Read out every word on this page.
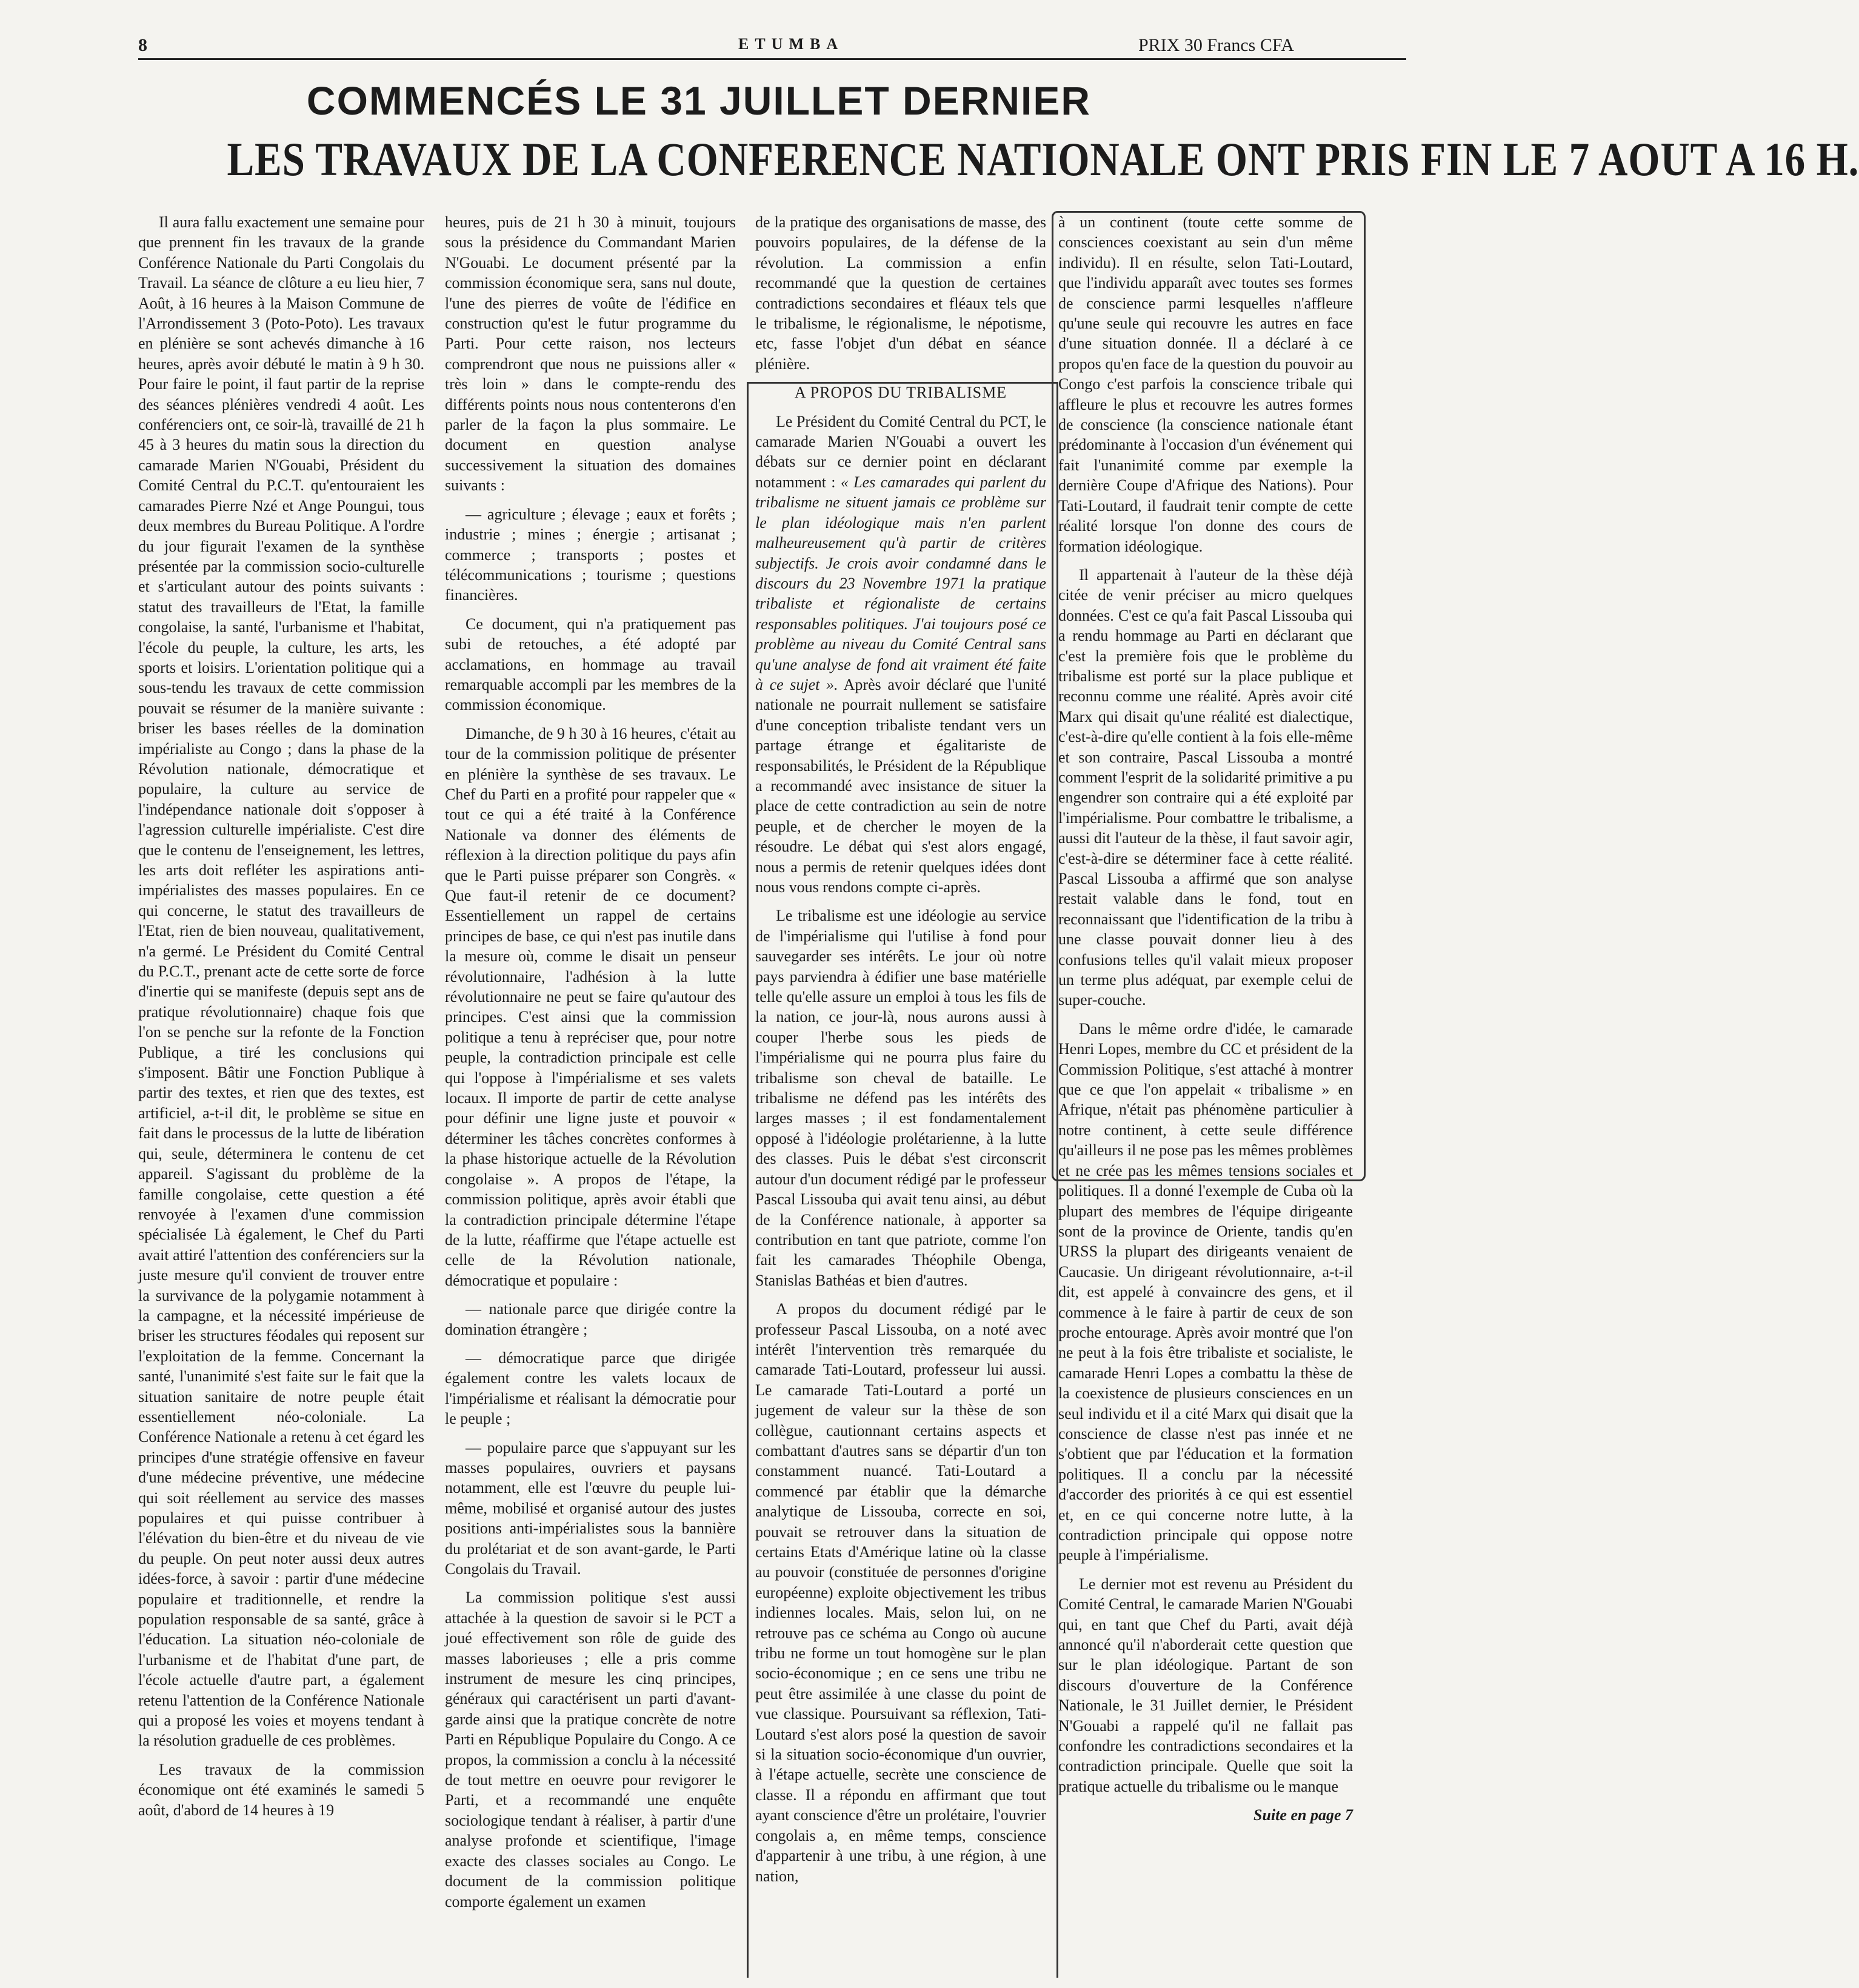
8	ETUMBA	PRIX 30 Francs CFA
COMMENCÉS LE 31 JUILLET DERNIER
LES TRAVAUX DE LA CONFERENCE NATIONALE ONT PRIS FIN LE 7 AOUT A 16 H.

Il aura fallu exactement une semaine pour que prennent fin les travaux de la grande Conférence Nationale du Parti Congolais du Travail. La séance de clôture a eu lieu hier, 7 Août, à 16 heures à la Maison Commune de l'Arrondissement 3 (Poto-Poto). Les travaux en plénière se sont achevés dimanche à 16 heures, après avoir débuté le matin à 9 h 30. Pour faire le point, il faut partir de la reprise des séances plénières vendredi 4 août. Les conférenciers ont, ce soir-là, travaillé de 21 h 45 à 3 heures du matin sous la direction du camarade Marien N'Gouabi, Président du Comité Central du P.C.T. qu'entouraient les camarades Pierre Nzé et Ange Poungui, tous deux membres du Bureau Politique. A l'ordre du jour figurait l'examen de la synthèse présentée par la commission socio-culturelle et s'articulant autour des points suivants : statut des travailleurs de l'Etat, la famille congolaise, la santé, l'urbanisme et l'habitat, l'école du peuple, la culture, les arts, les sports et loisirs. L'orientation politique qui a sous-tendu les travaux de cette commission pouvait se résumer de la manière suivante : briser les bases réelles de la domination impérialiste au Congo ; dans la phase de la Révolution nationale, démocratique et populaire, la culture au service de l'indépendance nationale doit s'opposer à l'agression culturelle impérialiste. C'est dire que le contenu de l'enseignement, les lettres, les arts doit refléter les aspirations anti-impérialistes des masses populaires. En ce qui concerne, le statut des travailleurs de l'Etat, rien de bien nouveau, qualitativement, n'a germé. Le Président du Comité Central du P.C.T., prenant acte de cette sorte de force d'inertie qui se manifeste (depuis sept ans de pratique révolutionnaire) chaque fois que l'on se penche sur la refonte de la Fonction Publique, a tiré les conclusions qui s'imposent. Bâtir une Fonction Publique à partir des textes, et rien que des textes, est artificiel, a-t-il dit, le problème se situe en fait dans le processus de la lutte de libération qui, seule, déterminera le contenu de cet appareil. S'agissant du problème de la famille congolaise, cette question a été renvoyée à l'examen d'une commission spécialisée Là également, le Chef du Parti avait attiré l'attention des conférenciers sur la juste mesure qu'il convient de trouver entre la survivance de la polygamie notamment à la campagne, et la nécessité impérieuse de briser les structures féodales qui reposent sur l'exploitation de la femme. Concernant la santé, l'unanimité s'est faite sur le fait que la situation sanitaire de notre peuple était essentiellement néo-coloniale. La Conférence Nationale a retenu à cet égard les principes d'une stratégie offensive en faveur d'une médecine préventive, une médecine qui soit réellement au service des masses populaires et qui puisse contribuer à l'élévation du bien-être et du niveau de vie du peuple. On peut noter aussi deux autres idées-force, à savoir : partir d'une médecine populaire et traditionnelle, et rendre la population responsable de sa santé, grâce à l'éducation. La situation néo-coloniale de l'urbanisme et de l'habitat d'une part, de l'école actuelle d'autre part, a également retenu l'attention de la Conférence Nationale qui a proposé les voies et moyens tendant à la résolution graduelle de ces problèmes.

Les travaux de la commission économique ont été examinés le samedi 5 août, d'abord de 14 heures à 19

heures, puis de 21 h 30 à minuit, toujours sous la présidence du Commandant Marien N'Gouabi. Le document présenté par la commission économique sera, sans nul doute, l'une des pierres de voûte de l'édifice en construction qu'est le futur programme du Parti. Pour cette raison, nos lecteurs comprendront que nous ne puissions aller « très loin » dans le compte-rendu des différents points nous nous contenterons d'en parler de la façon la plus sommaire. Le document en question analyse successivement la situation des domaines suivants :

— agriculture ; élevage ; eaux et forêts ; industrie ; mines ; énergie ; artisanat ; commerce ; transports ; postes et télécommunications ; tourisme ; questions financières.

Ce document, qui n'a pratiquement pas subi de retouches, a été adopté par acclamations, en hommage au travail remarquable accompli par les membres de la commission économique.

Dimanche, de 9 h 30 à 16 heures, c'était au tour de la commission politique de présenter en plénière la synthèse de ses travaux. Le Chef du Parti en a profité pour rappeler que « tout ce qui a été traité à la Conférence Nationale va donner des éléments de réflexion à la direction politique du pays afin que le Parti puisse préparer son Congrès. « Que faut-il retenir de ce document? Essentiellement un rappel de certains principes de base, ce qui n'est pas inutile dans la mesure où, comme le disait un penseur révolutionnaire, l'adhésion à la lutte révolutionnaire ne peut se faire qu'autour des principes. C'est ainsi que la commission politique a tenu à repréciser que, pour notre peuple, la contradiction principale est celle qui l'oppose à l'impérialisme et ses valets locaux. Il importe de partir de cette analyse pour définir une ligne juste et pouvoir « déterminer les tâches concrètes conformes à la phase historique actuelle de la Révolution congolaise ». A propos de l'étape, la commission politique, après avoir établi que la contradiction principale détermine l'étape de la lutte, réaffirme que l'étape actuelle est celle de la Révolution nationale, démocratique et populaire :

— nationale parce que dirigée contre la domination étrangère ;

— démocratique parce que dirigée également contre les valets locaux de l'impérialisme et réalisant la démocratie pour le peuple ;

— populaire parce que s'appuyant sur les masses populaires, ouvriers et paysans notamment, elle est l'œuvre du peuple lui-même, mobilisé et organisé autour des justes positions anti-impérialistes sous la bannière du prolétariat et de son avant-garde, le Parti Congolais du Travail.

La commission politique s'est aussi attachée à la question de savoir si le PCT a joué effectivement son rôle de guide des masses laborieuses ; elle a pris comme instrument de mesure les cinq principes, généraux qui caractérisent un parti d'avant-garde ainsi que la pratique concrète de notre Parti en République Populaire du Congo. A ce propos, la commission a conclu à la nécessité de tout mettre en oeuvre pour revigorer le Parti, et a recommandé une enquête sociologique tendant à réaliser, à partir d'une analyse profonde et scientifique, l'image exacte des classes sociales au Congo. Le document de la commission politique comporte également un examen

de la pratique des organisations de masse, des pouvoirs populaires, de la défense de la révolution. La commission a enfin recommandé que la question de certaines contradictions secondaires et fléaux tels que le tribalisme, le régionalisme, le népotisme, etc, fasse l'objet d'un débat en séance plénière.

A PROPOS DU TRIBALISME

Le Président du Comité Central du PCT, le camarade Marien N'Gouabi a ouvert les débats sur ce dernier point en déclarant notamment : « Les camarades qui parlent du tribalisme ne situent jamais ce problème sur le plan idéologique mais n'en parlent malheureusement qu'à partir de critères subjectifs. Je crois avoir condamné dans le discours du 23 Novembre 1971 la pratique tribaliste et régionaliste de certains responsables politiques. J'ai toujours posé ce problème au niveau du Comité Central sans qu'une analyse de fond ait vraiment été faite à ce sujet ». Après avoir déclaré que l'unité nationale ne pourrait nullement se satisfaire d'une conception tribaliste tendant vers un partage étrange et égalitariste de responsabilités, le Président de la République a recommandé avec insistance de situer la place de cette contradiction au sein de notre peuple, et de chercher le moyen de la résoudre. Le débat qui s'est alors engagé, nous a permis de retenir quelques idées dont nous vous rendons compte ci-après.

Le tribalisme est une idéologie au service de l'impérialisme qui l'utilise à fond pour sauvegarder ses intérêts. Le jour où notre pays parviendra à édifier une base matérielle telle qu'elle assure un emploi à tous les fils de la nation, ce jour-là, nous aurons aussi à couper l'herbe sous les pieds de l'impérialisme qui ne pourra plus faire du tribalisme son cheval de bataille. Le tribalisme ne défend pas les intérêts des larges masses ; il est fondamentalement opposé à l'idéologie prolétarienne, à la lutte des classes. Puis le débat s'est circonscrit autour d'un document rédigé par le professeur Pascal Lissouba qui avait tenu ainsi, au début de la Conférence nationale, à apporter sa contribution en tant que patriote, comme l'on fait les camarades Théophile Obenga, Stanislas Bathéas et bien d'autres.

A propos du document rédigé par le professeur Pascal Lissouba, on a noté avec intérêt l'intervention très remarquée du camarade Tati-Loutard, professeur lui aussi. Le camarade Tati-Loutard a porté un jugement de valeur sur la thèse de son collègue, cautionnant certains aspects et combattant d'autres sans se départir d'un ton constamment nuancé. Tati-Loutard a commencé par établir que la démarche analytique de Lissouba, correcte en soi, pouvait se retrouver dans la situation de certains Etats d'Amérique latine où la classe au pouvoir (constituée de personnes d'origine européenne) exploite objectivement les tribus indiennes locales. Mais, selon lui, on ne retrouve pas ce schéma au Congo où aucune tribu ne forme un tout homogène sur le plan socio-économique ; en ce sens une tribu ne peut être assimilée à une classe du point de vue classique. Poursuivant sa réflexion, Tati-Loutard s'est alors posé la question de savoir si la situation socio-économique d'un ouvrier, à l'étape actuelle, secrète une conscience de classe. Il a répondu en affirmant que tout ayant conscience d'être un prolétaire, l'ouvrier congolais a, en même temps, conscience d'appartenir à une tribu, à une région, à une nation,

à un continent (toute cette somme de consciences coexistant au sein d'un même individu). Il en résulte, selon Tati-Loutard, que l'individu apparaît avec toutes ses formes de conscience parmi lesquelles n'affleure qu'une seule qui recouvre les autres en face d'une situation donnée. Il a déclaré à ce propos qu'en face de la question du pouvoir au Congo c'est parfois la conscience tribale qui affleure le plus et recouvre les autres formes de conscience (la conscience nationale étant prédominante à l'occasion d'un événement qui fait l'unanimité comme par exemple la dernière Coupe d'Afrique des Nations). Pour Tati-Loutard, il faudrait tenir compte de cette réalité lorsque l'on donne des cours de formation idéologique.

Il appartenait à l'auteur de la thèse déjà citée de venir préciser au micro quelques données. C'est ce qu'a fait Pascal Lissouba qui a rendu hommage au Parti en déclarant que c'est la première fois que le problème du tribalisme est porté sur la place publique et reconnu comme une réalité. Après avoir cité Marx qui disait qu'une réalité est dialectique, c'est-à-dire qu'elle contient à la fois elle-même et son contraire, Pascal Lissouba a montré comment l'esprit de la solidarité primitive a pu engendrer son contraire qui a été exploité par l'impérialisme. Pour combattre le tribalisme, a aussi dit l'auteur de la thèse, il faut savoir agir, c'est-à-dire se déterminer face à cette réalité. Pascal Lissouba a affirmé que son analyse restait valable dans le fond, tout en reconnaissant que l'identification de la tribu à une classe pouvait donner lieu à des confusions telles qu'il valait mieux proposer un terme plus adéquat, par exemple celui de super-couche.

Dans le même ordre d'idée, le camarade Henri Lopes, membre du CC et président de la Commission Politique, s'est attaché à montrer que ce que l'on appelait « tribalisme » en Afrique, n'était pas phénomène particulier à notre continent, à cette seule différence qu'ailleurs il ne pose pas les mêmes problèmes et ne crée pas les mêmes tensions sociales et politiques. Il a donné l'exemple de Cuba où la plupart des membres de l'équipe dirigeante sont de la province de Oriente, tandis qu'en URSS la plupart des dirigeants venaient de Caucasie. Un dirigeant révolutionnaire, a-t-il dit, est appelé à convaincre des gens, et il commence à le faire à partir de ceux de son proche entourage. Après avoir montré que l'on ne peut à la fois être tribaliste et socialiste, le camarade Henri Lopes a combattu la thèse de la coexistence de plusieurs consciences en un seul individu et il a cité Marx qui disait que la conscience de classe n'est pas innée et ne s'obtient que par l'éducation et la formation politiques. Il a conclu par la nécessité d'accorder des priorités à ce qui est essentiel et, en ce qui concerne notre lutte, à la contradiction principale qui oppose notre peuple à l'impérialisme.

Le dernier mot est revenu au Président du Comité Central, le camarade Marien N'Gouabi qui, en tant que Chef du Parti, avait déjà annoncé qu'il n'aborderait cette question que sur le plan idéologique. Partant de son discours d'ouverture de la Conférence Nationale, le 31 Juillet dernier, le Président N'Gouabi a rappelé qu'il ne fallait pas confondre les contradictions secondaires et la contradiction principale. Quelle que soit la pratique actuelle du tribalisme ou le manque

Suite en page 7
